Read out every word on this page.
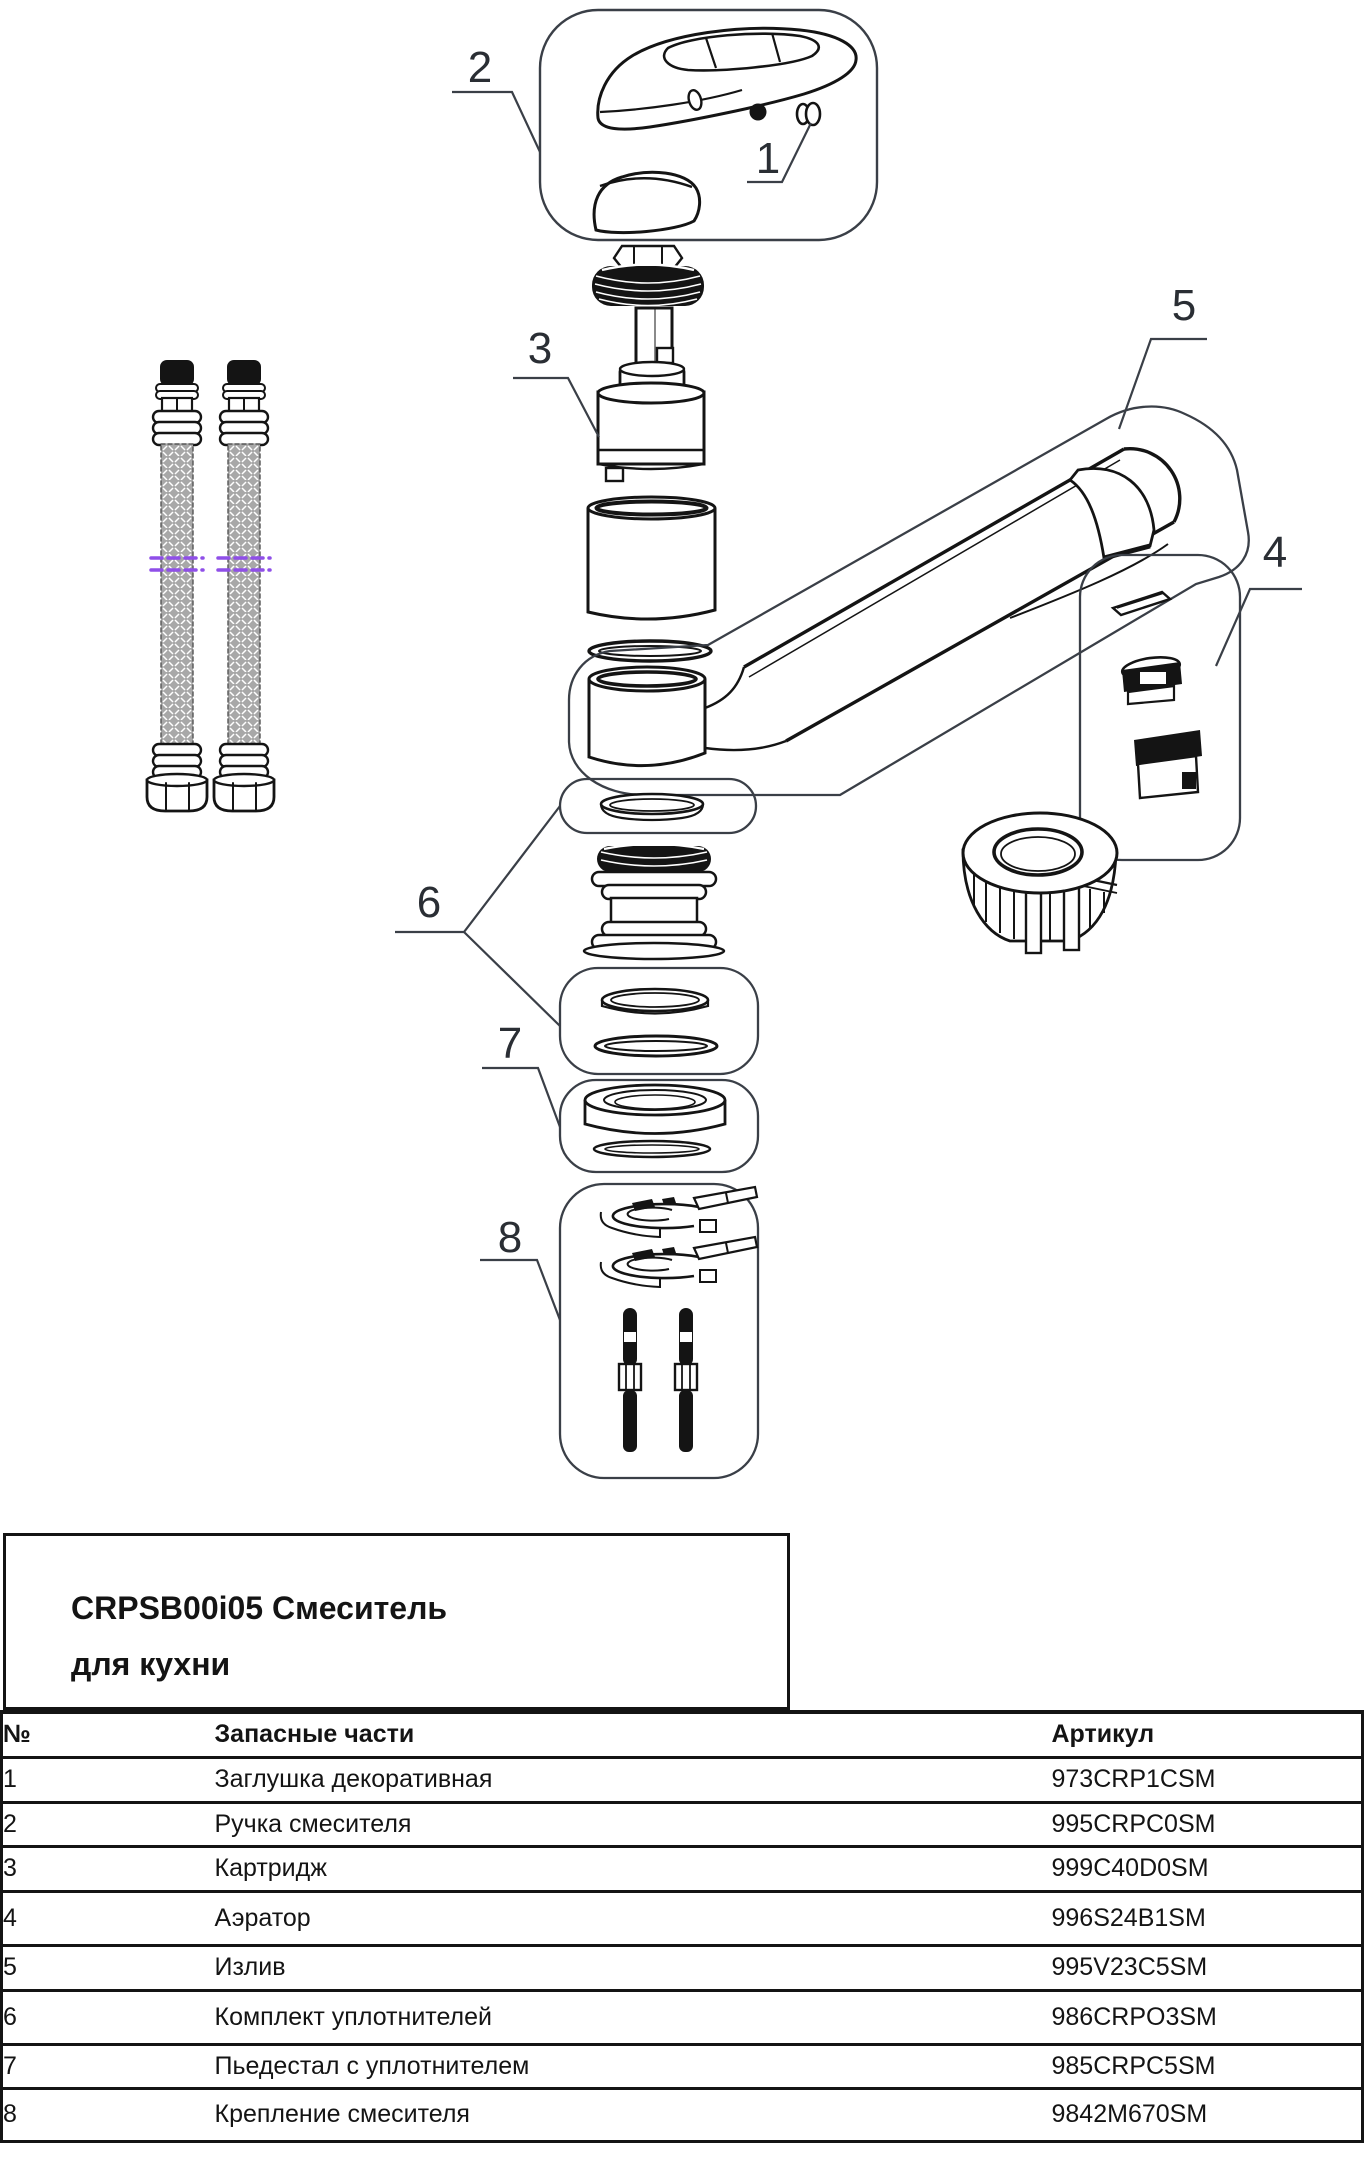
2
1
3
5
4
6
7
8
CRPSB00i05 Смеситель
для кухни
№	Запасные части	Артикул
1	Заглушка декоративная	973CRP1CSM
2	Ручка смесителя	995CRPC0SM
3	Картридж	999C40D0SM
4	Аэратор	996S24B1SM
5	Излив	995V23C5SM
6	Комплект уплотнителей	986CRPO3SM
7	Пьедестал с уплотнителем	985CRPC5SM
8	Крепление смесителя	9842M670SM
